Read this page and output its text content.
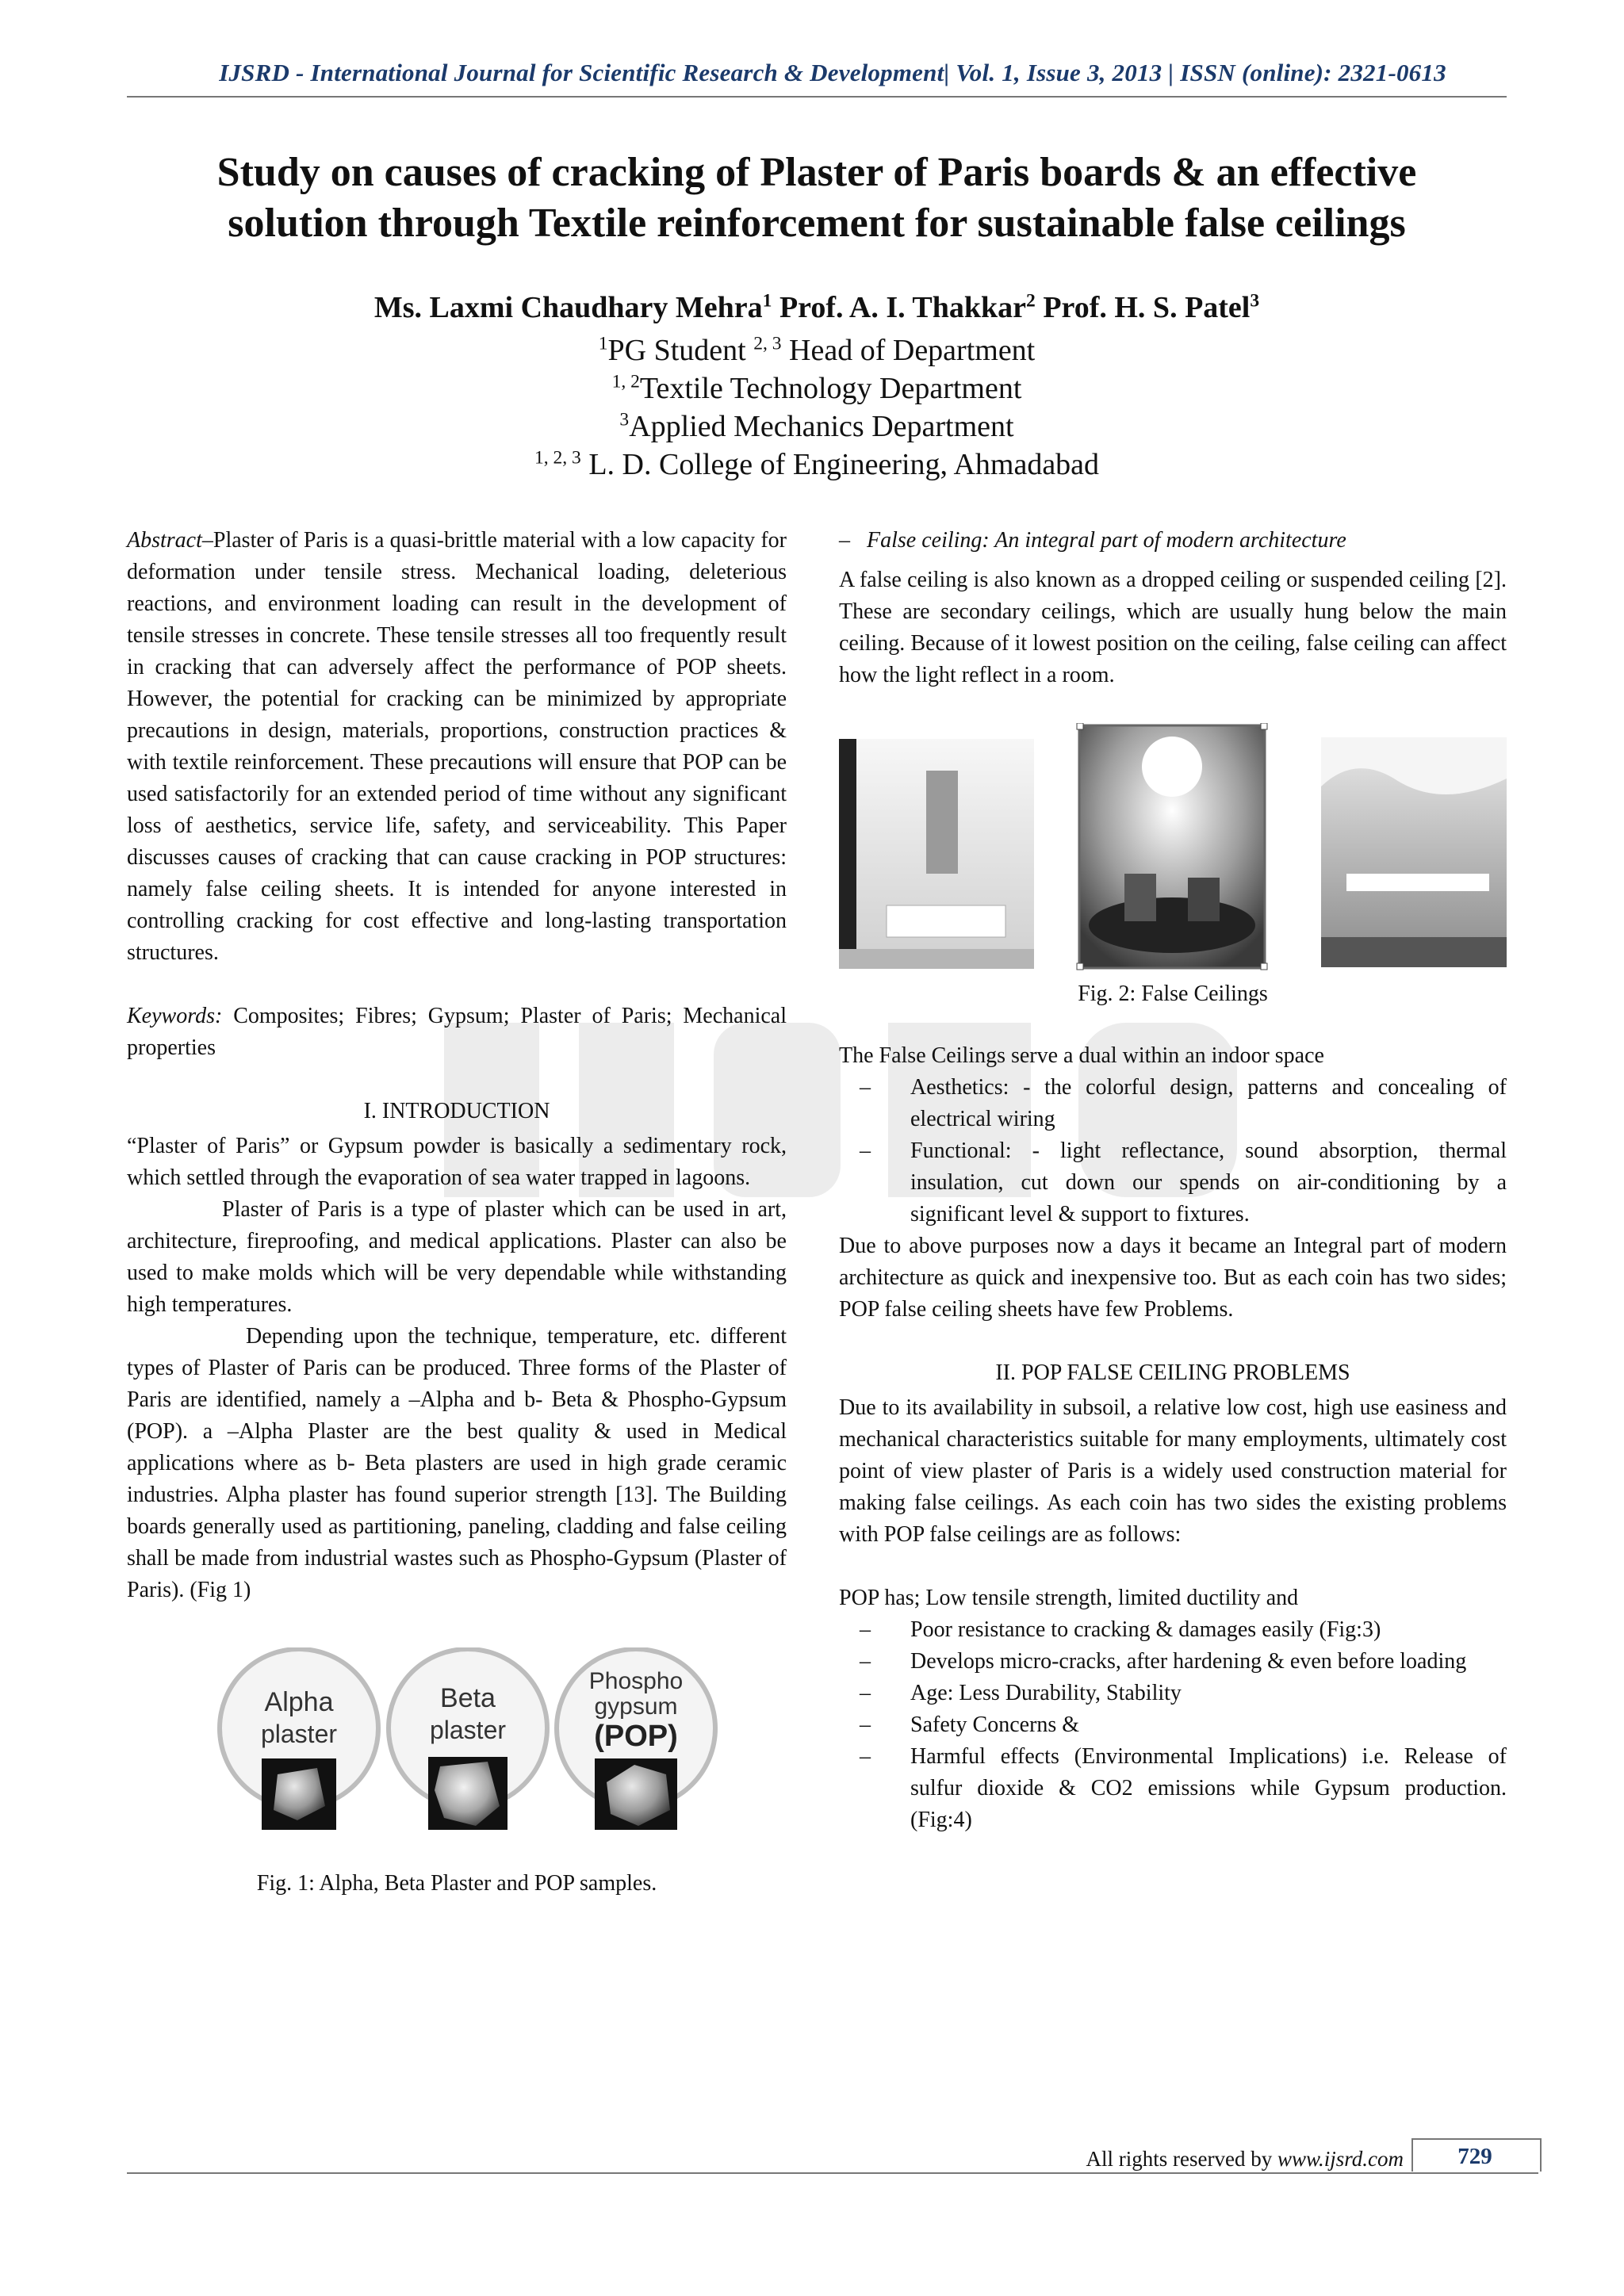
IJSRD - International Journal for Scientific Research & Development| Vol. 1, Issue 3, 2013 | ISSN (online): 2321-0613
Study on causes of cracking of Plaster of Paris boards & an effective
solution through Textile reinforcement for sustainable false ceilings
Ms. Laxmi Chaudhary Mehra$^1$ Prof. A. I. Thakkar$^2$ Prof. H. S. Patel$^3$
$^1$PG Student $^{2, 3}$ Head of Department
$^{1, 2}$Textile Technology Department
$^3$Applied Mechanics Department
$^{1, 2, 3}$ L. D. College of Engineering, Ahmadabad

Abstract–Plaster of Paris is a quasi-brittle material with a low capacity for deformation under tensile stress. Mechanical loading, deleterious reactions, and environment loading can result in the development of tensile stresses in concrete. These tensile stresses all too frequently result in cracking that can adversely affect the performance of POP sheets. However, the potential for cracking can be minimized by appropriate precautions in design, materials, proportions, construction practices & with textile reinforcement. These precautions will ensure that POP can be used satisfactorily for an extended period of time without any significant loss of aesthetics, service life, safety, and serviceability. This Paper discusses causes of cracking that can cause cracking in POP structures: namely false ceiling sheets. It is intended for anyone interested in controlling cracking for cost effective and long-lasting transportation structures.

Keywords: Composites; Fibres; Gypsum; Plaster of Paris; Mechanical properties

I. INTRODUCTION

“Plaster of Paris” or Gypsum powder is basically a sedimentary rock, which settled through the evaporation of sea water trapped in lagoons.

Plaster of Paris is a type of plaster which can be used in art, architecture, fireproofing, and medical applications. Plaster can also be used to make molds which will be very dependable while withstanding high temperatures.

Depending upon the technique, temperature, etc. different types of Plaster of Paris can be produced. Three forms of the Plaster of Paris are identified, namely a –Alpha and b- Beta & Phospho-Gypsum (POP). a –Alpha Plaster are the best quality & used in Medical applications where as b- Beta plasters are used in high grade ceramic industries. Alpha plaster has found superior strength [13]. The Building boards generally used as partitioning, paneling, cladding and false ceiling shall be made from industrial wastes such as Phospho-Gypsum (Plaster of Paris). (Fig 1)

Alpha
plaster
Beta
plaster
Phospho
gypsum
(POP)

Fig. 1: Alpha, Beta Plaster and POP samples.

– False ceiling: An integral part of modern architecture

A false ceiling is also known as a dropped ceiling or suspended ceiling [2]. These are secondary ceilings, which are usually hung below the main ceiling. Because of it lowest position on the ceiling, false ceiling can affect how the light reflect in a room.

Fig. 2: False Ceilings

The False Ceilings serve a dual within an indoor space

– Aesthetics: - the colorful design, patterns and concealing of electrical wiring
– Functional: - light reflectance, sound absorption, thermal insulation, cut down our spends on air-conditioning by a significant level & support to fixtures.

Due to above purposes now a days it became an Integral part of modern architecture as quick and inexpensive too. But as each coin has two sides; POP false ceiling sheets have few Problems.

II. POP FALSE CEILING PROBLEMS

Due to its availability in subsoil, a relative low cost, high use easiness and mechanical characteristics suitable for many employments, ultimately cost point of view plaster of Paris is a widely used construction material for making false ceilings. As each coin has two sides the existing problems with POP false ceilings are as follows:

POP has; Low tensile strength, limited ductility and

– Poor resistance to cracking & damages easily (Fig:3)
– Develops micro-cracks, after hardening & even before loading
– Age: Less Durability, Stability
– Safety Concerns &
– Harmful effects (Environmental Implications) i.e. Release of sulfur dioxide & CO2 emissions while Gypsum production. (Fig:4)
All rights reserved by www.ijsrd.com	729
